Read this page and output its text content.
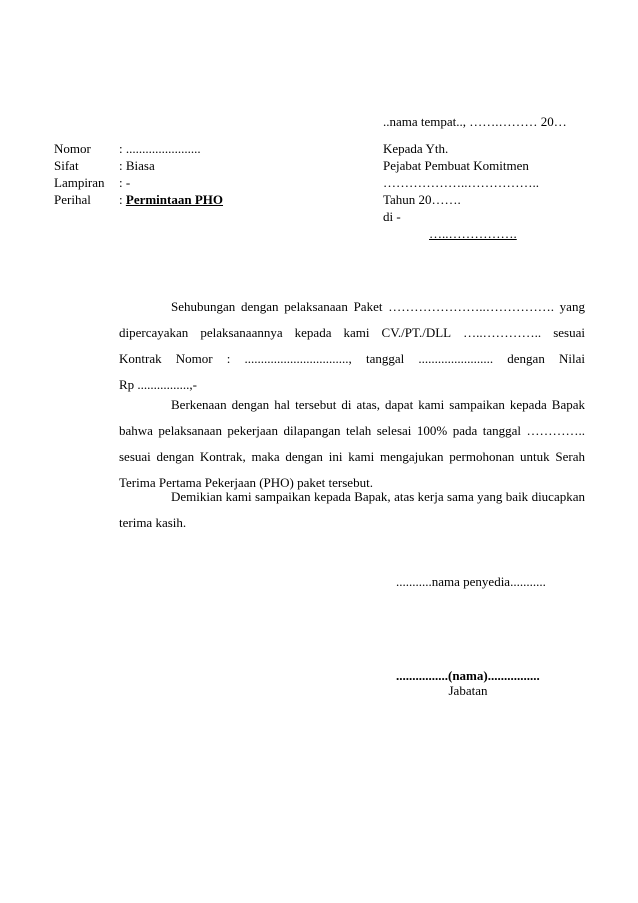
..nama tempat.., …….……… 20…
Nomor : .......................
Sifat	: Biasa
Lampiran : -
Perihal : Permintaan PHO
Kepada Yth.
Pejabat Pembuat Komitmen
………………..……………..
Tahun 20…….
di -
…..…………….
Sehubungan dengan pelaksanaan Paket …………………..……………. yang
dipercayakan pelaksanaannya kepada kami CV./PT./DLL …..………….. sesuai
Kontrak Nomor : ................................, tanggal ....................... dengan Nilai
Rp ................,-
Berkenaan dengan hal tersebut di atas, dapat kami sampaikan kepada Bapak bahwa pelaksanaan pekerjaan dilapangan telah selesai 100% pada tanggal ………….. sesuai dengan Kontrak, maka dengan ini kami mengajukan permohonan untuk Serah Terima Pertama Pekerjaan (PHO) paket tersebut.
Demikian kami sampaikan kepada Bapak, atas kerja sama yang baik diucapkan terima kasih.
...........nama penyedia...........
................(nama)................
Jabatan
